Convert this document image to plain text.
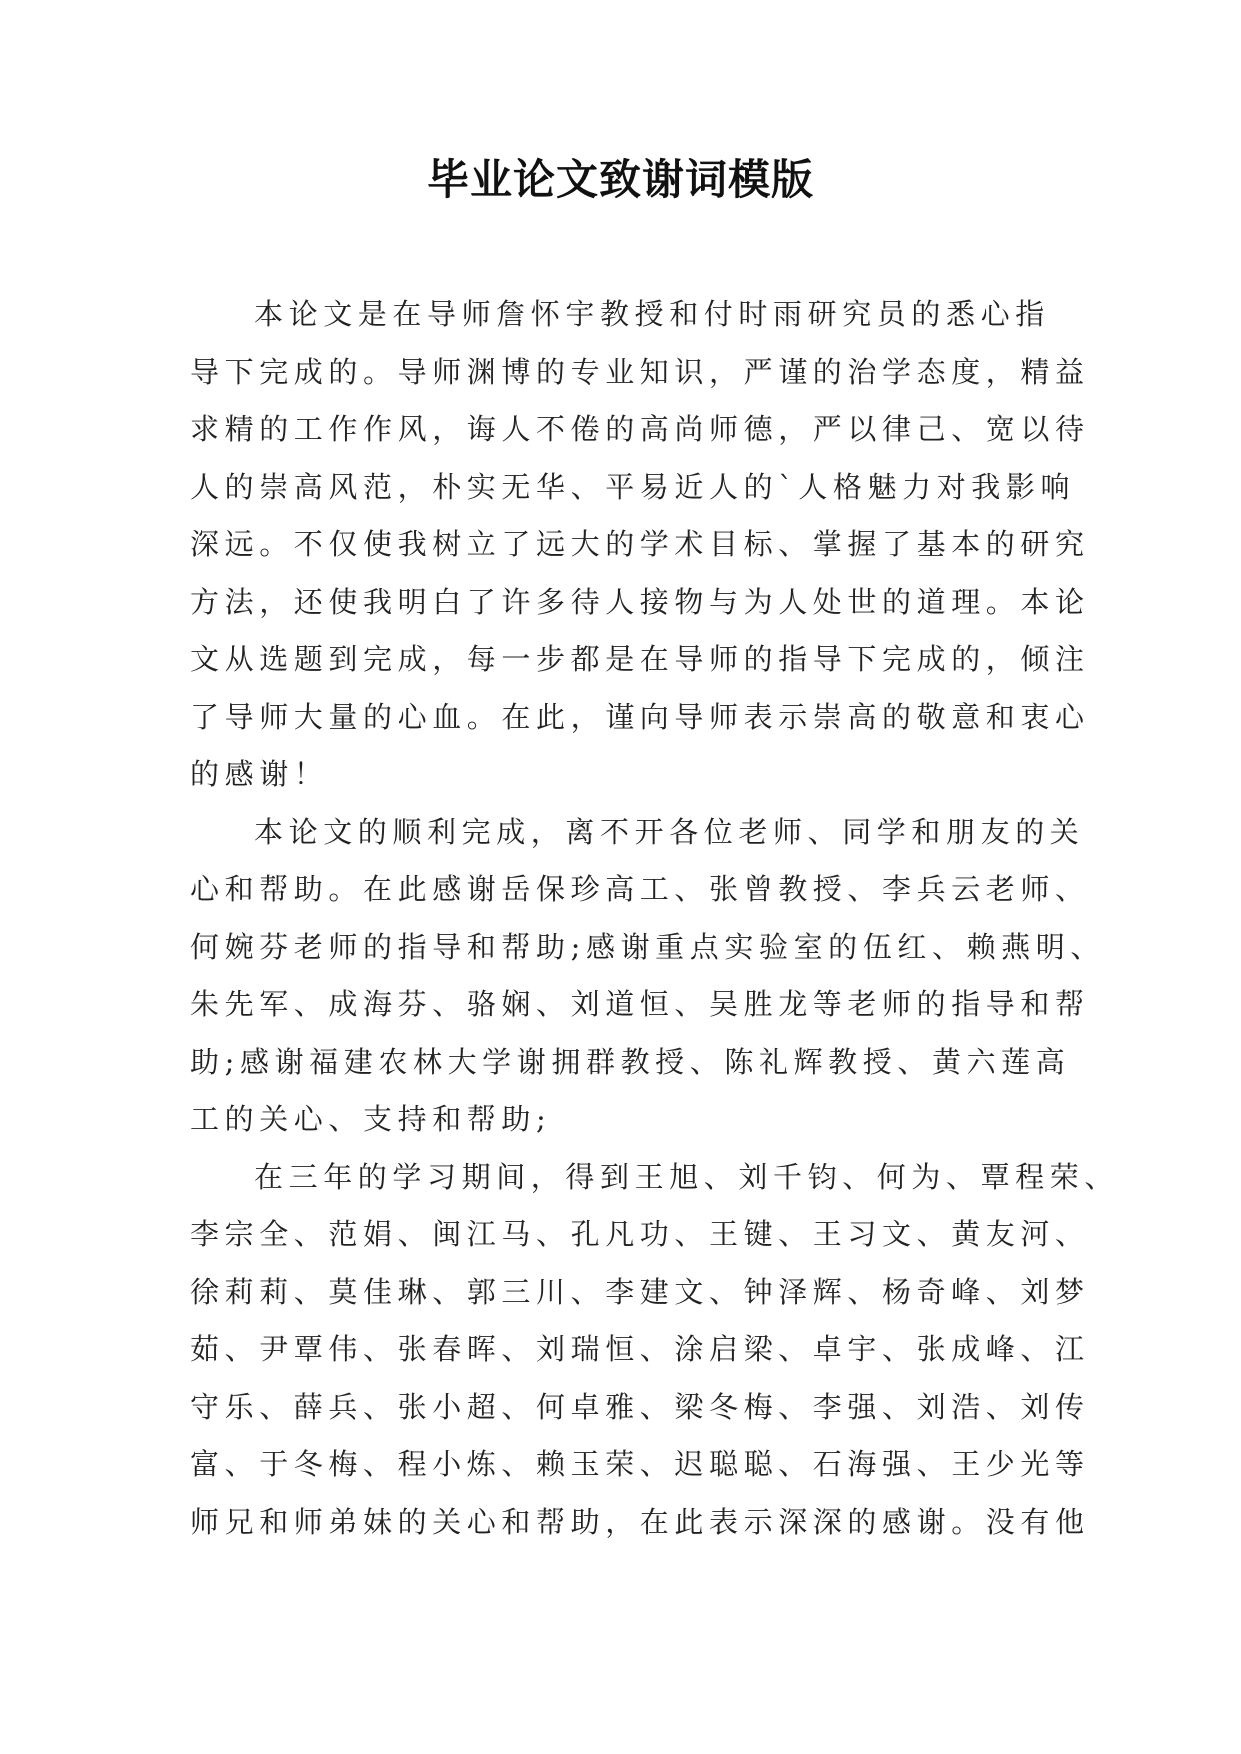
毕业论文致谢词模版

本论文是在导师詹怀宇教授和付时雨研究员的悉心指

导下完成的。导师渊博的专业知识，严谨的治学态度，精益

求精的工作作风，诲人不倦的高尚师德，严以律己、宽以待

人的崇高风范，朴实无华、平易近人的`人格魅力对我影响

深远。不仅使我树立了远大的学术目标、掌握了基本的研究

方法，还使我明白了许多待人接物与为人处世的道理。本论

文从选题到完成，每一步都是在导师的指导下完成的，倾注

了导师大量的心血。在此，谨向导师表示崇高的敬意和衷心

的感谢！

本论文的顺利完成，离不开各位老师、同学和朋友的关

心和帮助。在此感谢岳保珍高工、张曾教授、李兵云老师、

何婉芬老师的指导和帮助;感谢重点实验室的伍红、赖燕明、

朱先军、成海芬、骆娴、刘道恒、吴胜龙等老师的指导和帮

助;感谢福建农林大学谢拥群教授、陈礼辉教授、黄六莲高

工的关心、支持和帮助;

在三年的学习期间，得到王旭、刘千钧、何为、覃程荣、

李宗全、范娟、闽江马、孔凡功、王键、王习文、黄友河、

徐莉莉、莫佳琳、郭三川、李建文、钟泽辉、杨奇峰、刘梦

茹、尹覃伟、张春晖、刘瑞恒、涂启梁、卓宇、张成峰、江

守乐、薛兵、张小超、何卓雅、梁冬梅、李强、刘浩、刘传

富、于冬梅、程小炼、赖玉荣、迟聪聪、石海强、王少光等

师兄和师弟妹的关心和帮助，在此表示深深的感谢。没有他
